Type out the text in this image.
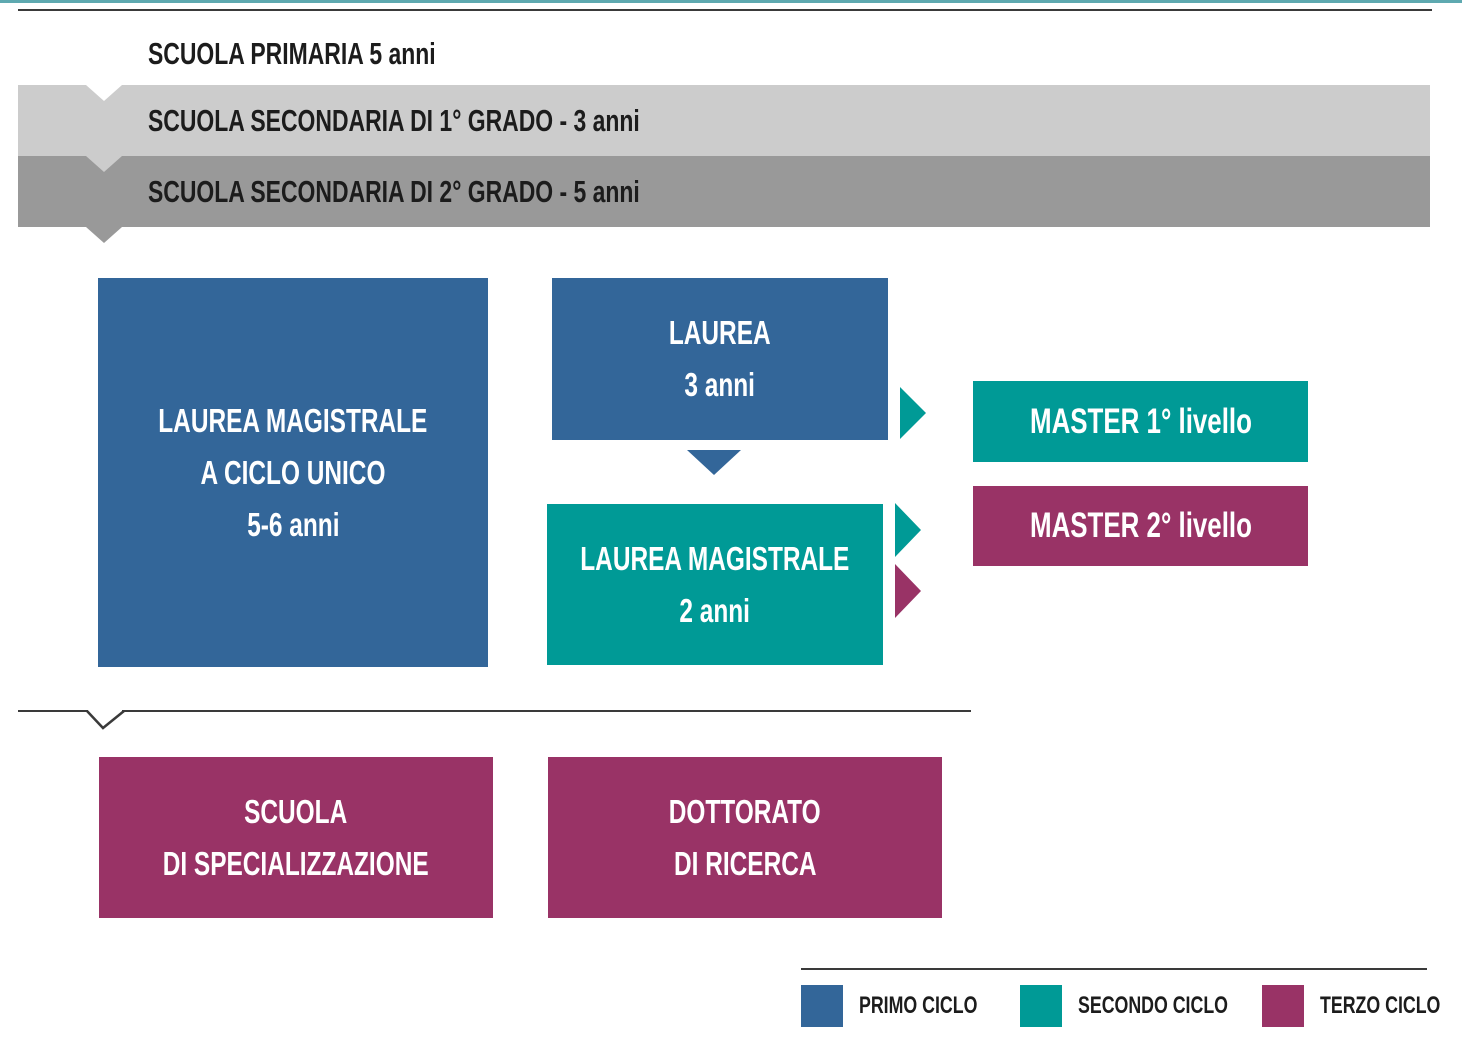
SCUOLA PRIMARIA 5 anni
SCUOLA SECONDARIA DI 1° GRADO - 3 anni
SCUOLA SECONDARIA DI 2° GRADO - 5 anni
LAUREA MAGISTRALE
A CICLO UNICO
5-6 anni
LAUREA
3 anni
LAUREA MAGISTRALE
2 anni
MASTER 1° livello
MASTER 2° livello
SCUOLA
DI SPECIALIZZAZIONE
DOTTORATO
DI RICERCA
PRIMO CICLO	SECONDO CICLO	TERZO CICLO
